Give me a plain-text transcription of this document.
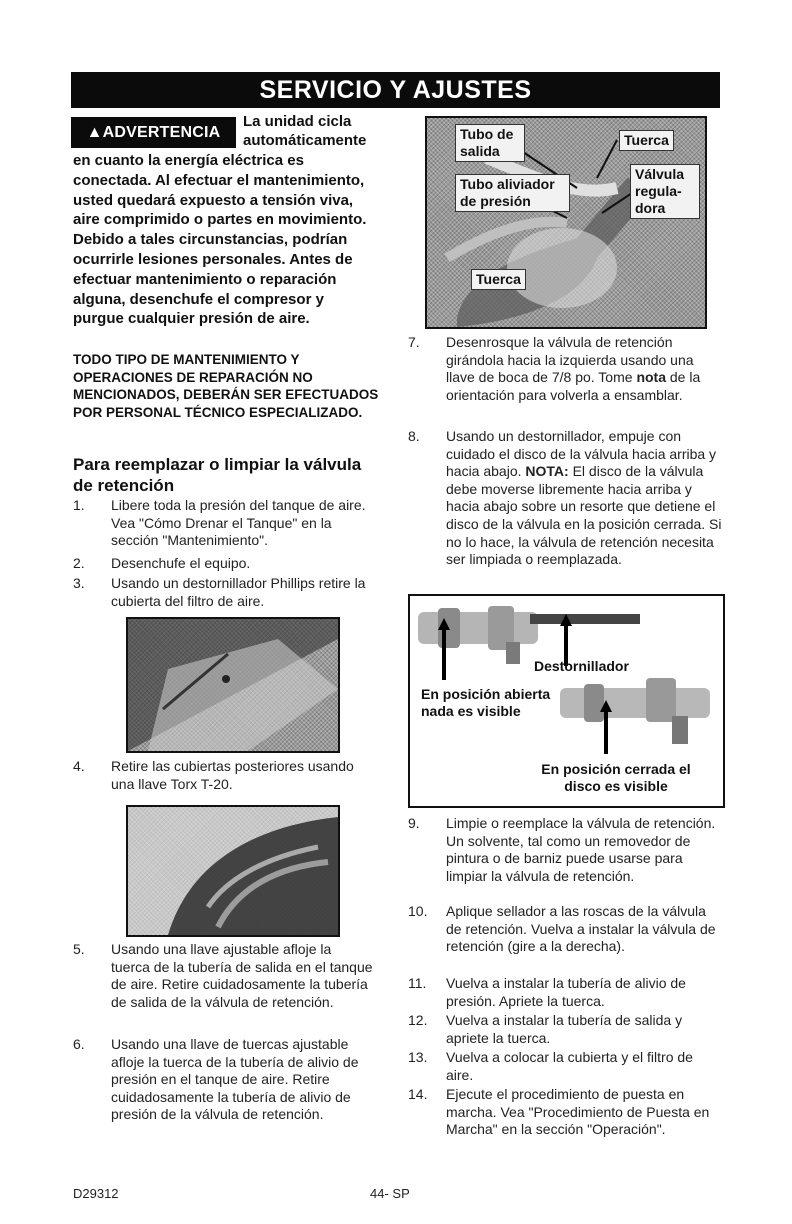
SERVICIO Y AJUSTES
▲ADVERTENCIA
La unidad cicla automáticamente
en cuanto la energía eléctrica es conectada. Al efectuar el mantenimiento, usted quedará expuesto a tensión viva, aire comprimido o partes en movimiento. Debido a tales circunstancias, podrían ocurrirle lesiones personales. Antes de efectuar mantenimiento o reparación alguna, desenchufe el compresor y purgue cualquier presión de aire.
TODO TIPO DE MANTENIMIENTO Y OPERACIONES DE REPARACIÓN NO MENCIONADOS, DEBERÁN SER EFECTUADOS POR PERSONAL TÉCNICO ESPECIALIZADO.
Para reemplazar o limpiar la válvula de retención
1. Libere toda la presión del tanque de aire. Vea "Cómo Drenar el Tanque" en la sección "Mantenimiento".
2. Desenchufe el equipo.
3. Usando un destornillador Phillips retire la cubierta del filtro de aire.
4. Retire las cubiertas posteriores usando una llave Torx T-20.
5. Usando una llave ajustable afloje la tuerca de la tubería de salida en el tanque de aire. Retire cuidadosamente la tubería de salida de la válvula de retención.
6. Usando una llave de tuercas ajustable afloje la tuerca de la tubería de alivio de presión en el tanque de aire. Retire cuidadosamente la tubería de alivio de presión de la válvula de retención.
Tubo de salida
Tuerca
Tubo aliviador de presión
Válvula regula- dora
Tuerca
7. Desenrosque la válvula de retención girándola hacia la izquierda usando una llave de boca de 7/8 po. Tome nota de la orientación para volverla a ensamblar.
8. Usando un destornillador, empuje con cuidado el disco de la válvula hacia arriba y hacia abajo. NOTA: El disco de la válvula debe moverse libremente hacia arriba y hacia abajo sobre un resorte que detiene el disco de la válvula en la posición cerrada. Si no lo hace, la válvula de retención necesita ser limpiada o reemplazada.
Destornillador
En posición abierta nada es visible
En posición cerrada el disco es visible
9. Limpie o reemplace la válvula de retención. Un solvente, tal como un removedor de pintura o de barniz puede usarse para limpiar la válvula de retención.
10. Aplique sellador a las roscas de la válvula de retención. Vuelva a instalar la válvula de retención (gire a la derecha).
11. Vuelva a instalar la tubería de alivio de presión. Apriete la tuerca.
12. Vuelva a instalar la tubería de salida y apriete la tuerca.
13. Vuelva a colocar la cubierta y el filtro de aire.
14. Ejecute el procedimiento de puesta en marcha. Vea "Procedimiento de Puesta en Marcha" en la sección "Operación".
D29312	44- SP
